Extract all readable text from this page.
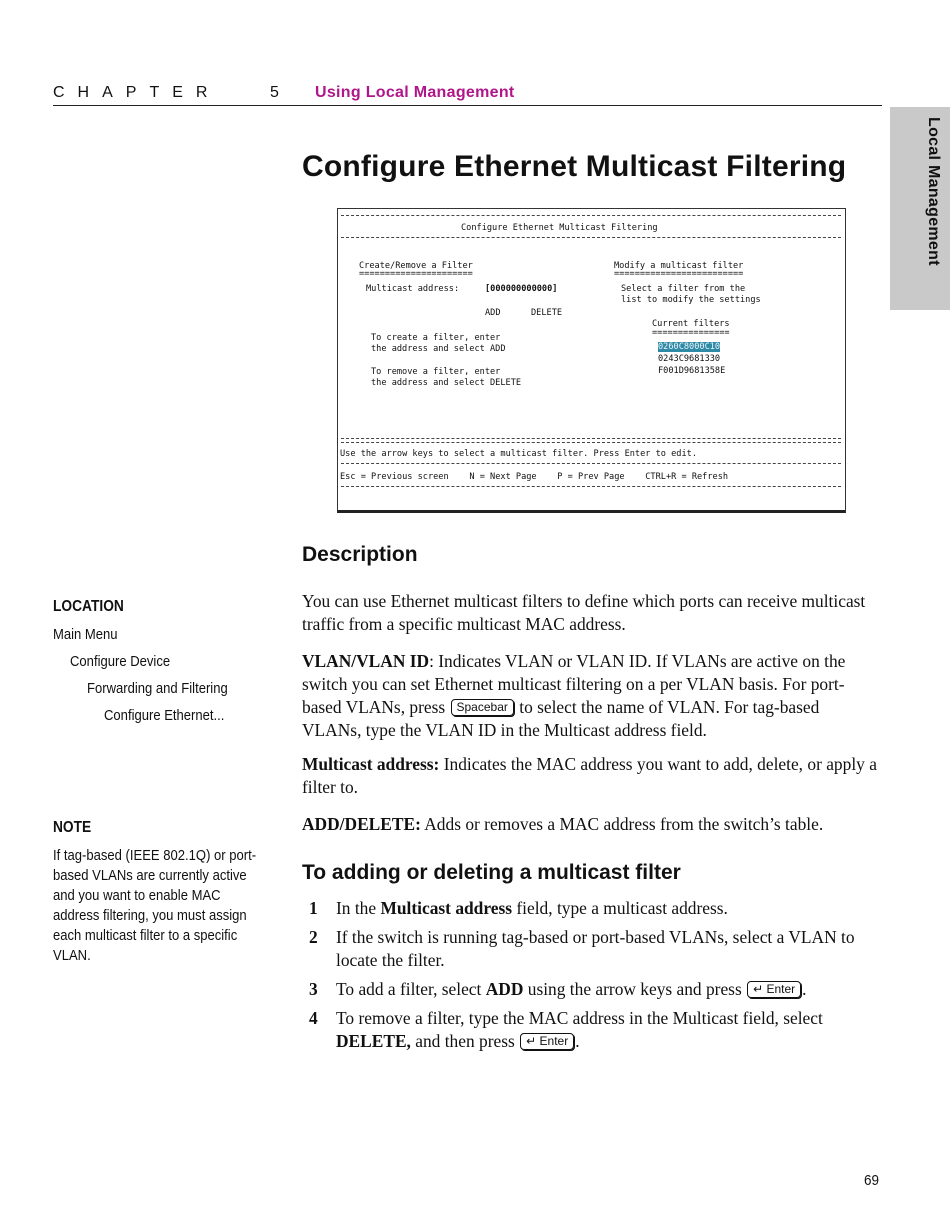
CHAPTER	5 Using Local Management
Local Management
Configure Ethernet Multicast Filtering
Configure Ethernet Multicast Filtering
Create/Remove a Filter
======================
Multicast address:	[000000000000]
ADD	DELETE
To create a filter, enter
the address and select ADD
To remove a filter, enter
the address and select DELETE
Modify a multicast filter
=========================
Select a filter from the
list to modify the settings
Current filters
===============
0260C8000C10
0243C9681330
F001D9681358E
Use the arrow keys to select a multicast filter. Press Enter to edit.
Esc = Previous screen    N = Next Page    P = Prev Page    CTRL+R = Refresh
Description
You can use Ethernet multicast filters to define which ports can receive multicast traffic from a specific multicast MAC address.
VLAN/VLAN ID: Indicates VLAN or VLAN ID. If VLANs are active on the switch you can set Ethernet multicast filtering on a per VLAN basis. For port-based VLANs, press Spacebar to select the name of VLAN. For tag-based VLANs, type the VLAN ID in the Multicast address field.
Multicast address: Indicates the MAC address you want to add, delete, or apply a filter to.
ADD/DELETE: Adds or removes a MAC address from the switch’s table.
To adding or deleting a multicast filter
1 In the Multicast address field, type a multicast address.
2 If the switch is running tag-based or port-based VLANs, select a VLAN to locate the filter.
3 To add a filter, select ADD using the arrow keys and press ↵ Enter .
4 To remove a filter, type the MAC address in the Multicast field, select DELETE, and then press ↵ Enter .
LOCATION
Main Menu
Configure Device
Forwarding and Filtering
Configure Ethernet...
NOTE
If tag-based (IEEE 802.1Q) or port-based VLANs are currently active and you want to enable MAC address filtering, you must assign each multicast filter to a specific VLAN.
69
